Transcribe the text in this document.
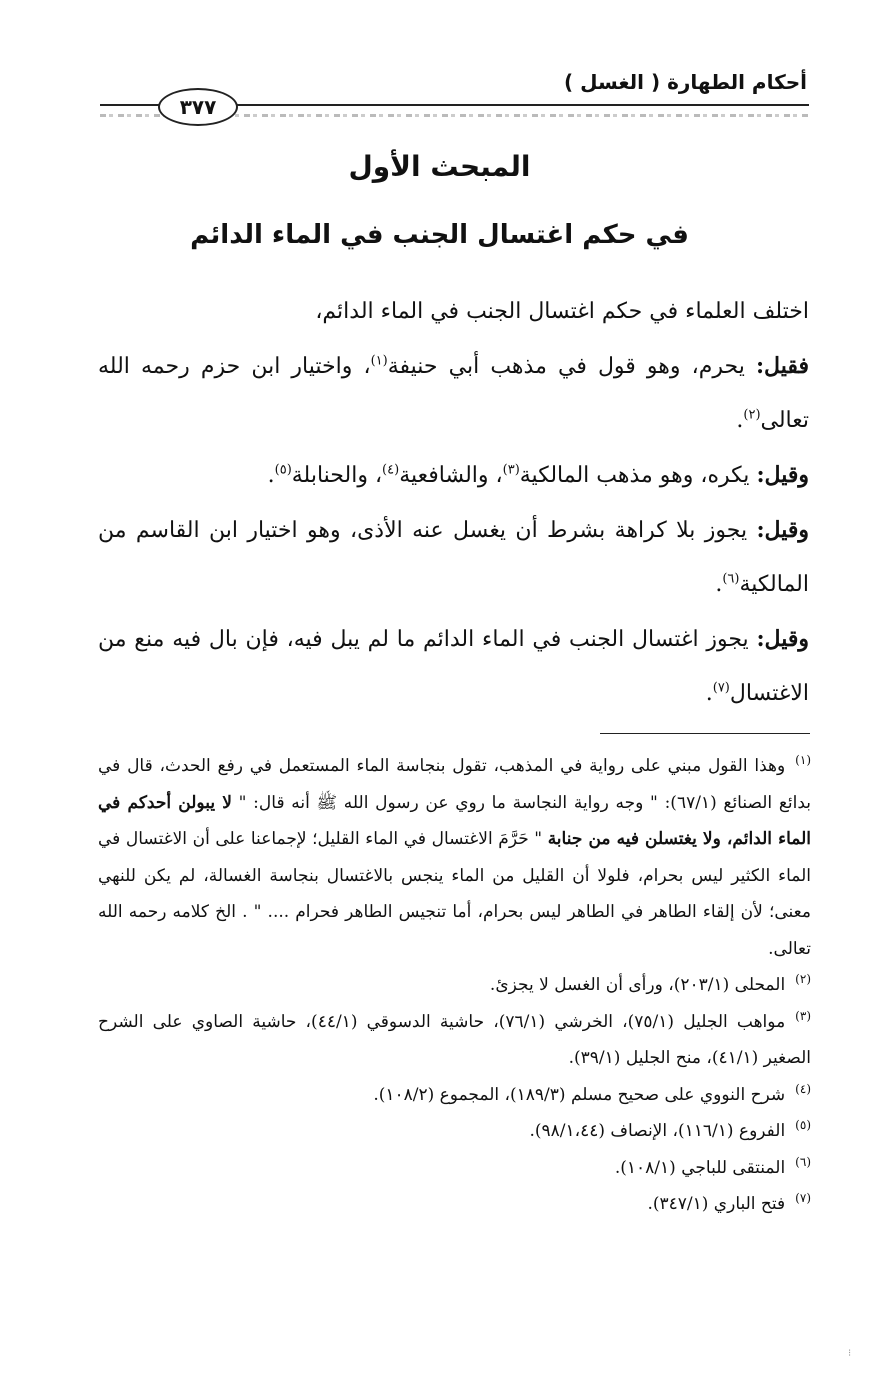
أحكام الطهارة ( الغسل )
٣٧٧
المبحث الأول
في حكم اغتسال الجنب في الماء الدائم

اختلف العلماء في حكم اغتسال الجنب في الماء الدائم،

فقيل: يحرم، وهو قول في مذهب أبي حنيفة$^{(١)}$، واختيار ابن حزم رحمه الله تعالى$^{(٢)}$.

وقيل: يكره، وهو مذهب المالكية$^{(٣)}$، والشافعية$^{(٤)}$، والحنابلة$^{(٥)}$.

وقيل: يجوز بلا كراهة بشرط أن يغسل عنه الأذى، وهو اختيار ابن القاسم من المالكية$^{(٦)}$.

وقيل: يجوز اغتسال الجنب في الماء الدائم ما لم يبل فيه، فإن بال فيه منع من الاغتسال$^{(٧)}$.

(١)وهذا القول مبني على رواية في المذهب، تقول بنجاسة الماء المستعمل في رفع الحدث، قال في بدائع الصنائع (٦٧/١): " وجه رواية النجاسة ما روي عن رسول الله ﷺ أنه قال: " لا يبولن أحدكم في الماء الدائم، ولا يغتسلن فيه من جنابة " حَرَّمَ الاغتسال في الماء القليل؛ لإجماعنا على أن الاغتسال في الماء الكثير ليس بحرام، فلولا أن القليل من الماء ينجس بالاغتسال بنجاسة الغسالة، لم يكن للنهي معنى؛ لأن إلقاء الطاهر في الطاهر ليس بحرام، أما تنجيس الطاهر فحرام .... " . الخ كلامه رحمه الله تعالى.

(٢)المحلى (٢٠٣/١)، ورأى أن الغسل لا يجزئ.

(٣)مواهب الجليل (٧٥/١)، الخرشي (٧٦/١)، حاشية الدسوقي (٤٤/١)، حاشية الصاوي على الشرح الصغير (٤١/١)، منح الجليل (٣٩/١).

(٤)شرح النووي على صحيح مسلم (١٨٩/٣)، المجموع (١٠٨/٢).

(٥)الفروع (١١٦/١)، الإنصاف (٩٨/١،٤٤).

(٦)المنتقى للباجي (١٠٨/١).

(٧)فتح الباري (٣٤٧/١).

⁝
